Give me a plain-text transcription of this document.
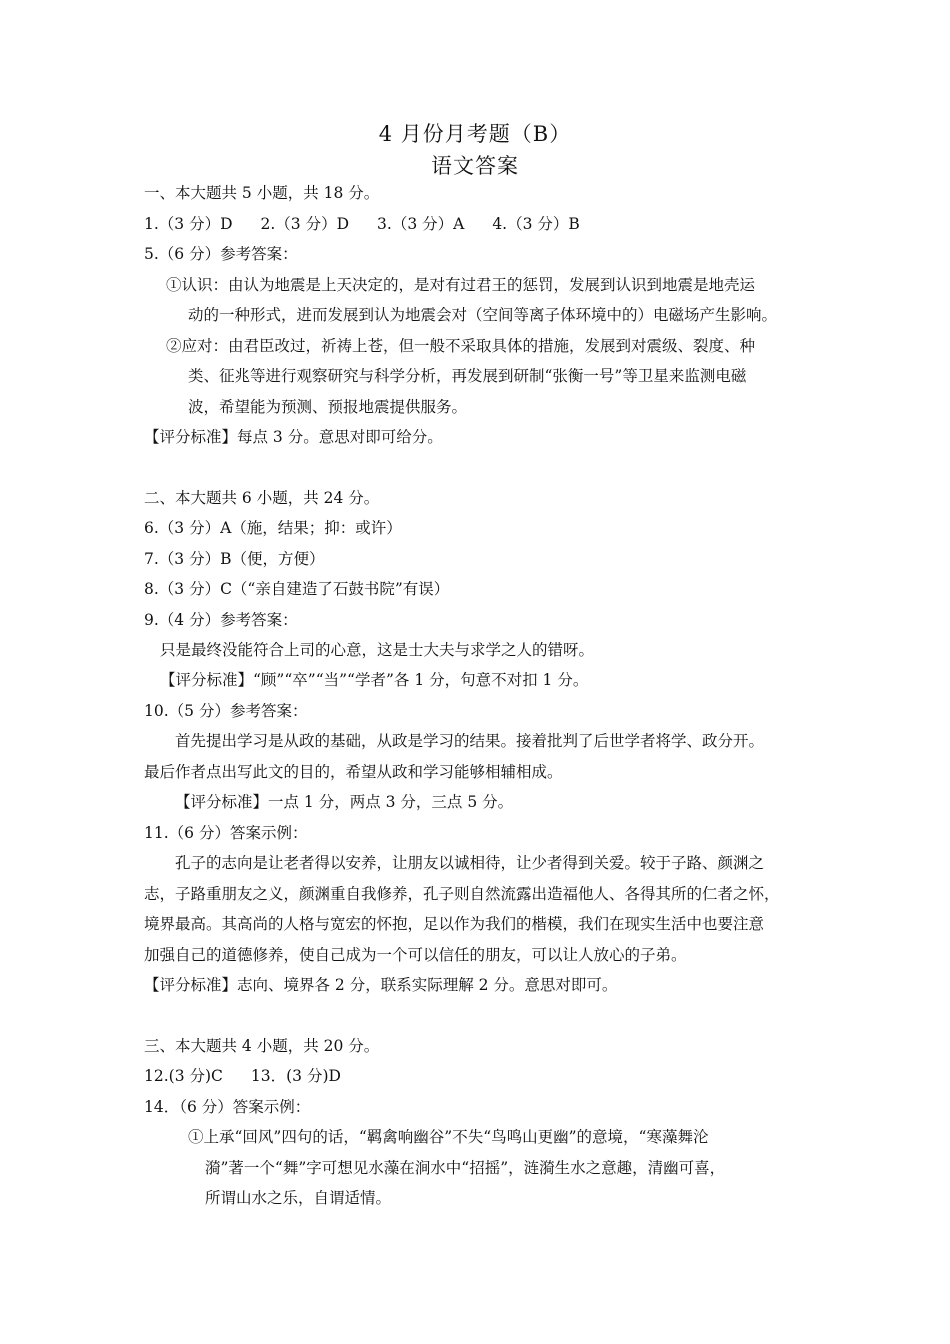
4 月份月考题（B）
语文答案
一、本大题共 5 小题，共 18 分。
1.（3 分）D 2.（3 分）D 3.（3 分）A 4.（3 分）B
5.（6 分）参考答案：
①认识：由认为地震是上天决定的，是对有过君王的惩罚，发展到认识到地震是地壳运
动的一种形式，进而发展到认为地震会对（空间等离子体环境中的）电磁场产生影响。
②应对：由君臣改过，祈祷上苍，但一般不采取具体的措施，发展到对震级、裂度、种
类、征兆等进行观察研究与科学分析，再发展到研制“张衡一号”等卫星来监测电磁
波，希望能为预测、预报地震提供服务。
【评分标准】每点 3 分。意思对即可给分。
二、本大题共 6 小题，共 24 分。
6.（3 分）A（施，结果；抑：或许）
7.（3 分）B（便，方便）
8.（3 分）C（“亲自建造了石鼓书院”有误）
9.（4 分）参考答案：
只是最终没能符合上司的心意，这是士大夫与求学之人的错呀。
【评分标准】“顾”“卒”“当”“学者”各 1 分，句意不对扣 1 分。
10.（5 分）参考答案：
首先提出学习是从政的基础，从政是学习的结果。接着批判了后世学者将学、政分开。
最后作者点出写此文的目的，希望从政和学习能够相辅相成。
【评分标准】一点 1 分，两点 3 分，三点 5 分。
11.（6 分）答案示例：
孔子的志向是让老者得以安养，让朋友以诚相待，让少者得到关爱。较于子路、颜渊之
志，子路重朋友之义，颜渊重自我修养，孔子则自然流露出造福他人、各得其所的仁者之怀，
境界最高。其高尚的人格与宽宏的怀抱，足以作为我们的楷模，我们在现实生活中也要注意
加强自己的道德修养，使自己成为一个可以信任的朋友，可以让人放心的子弟。
【评分标准】志向、境界各 2 分，联系实际理解 2 分。意思对即可。
三、本大题共 4 小题，共 20 分。
12.(3 分)C 13．(3 分)D
14．（6 分）答案示例：
①上承“回风”四句的话，“羁禽响幽谷”不失“鸟鸣山更幽”的意境，“寒藻舞沦
漪”著一个“舞”字可想见水藻在涧水中“招摇”，涟漪生水之意趣，清幽可喜，
所谓山水之乐，自谓适情。
